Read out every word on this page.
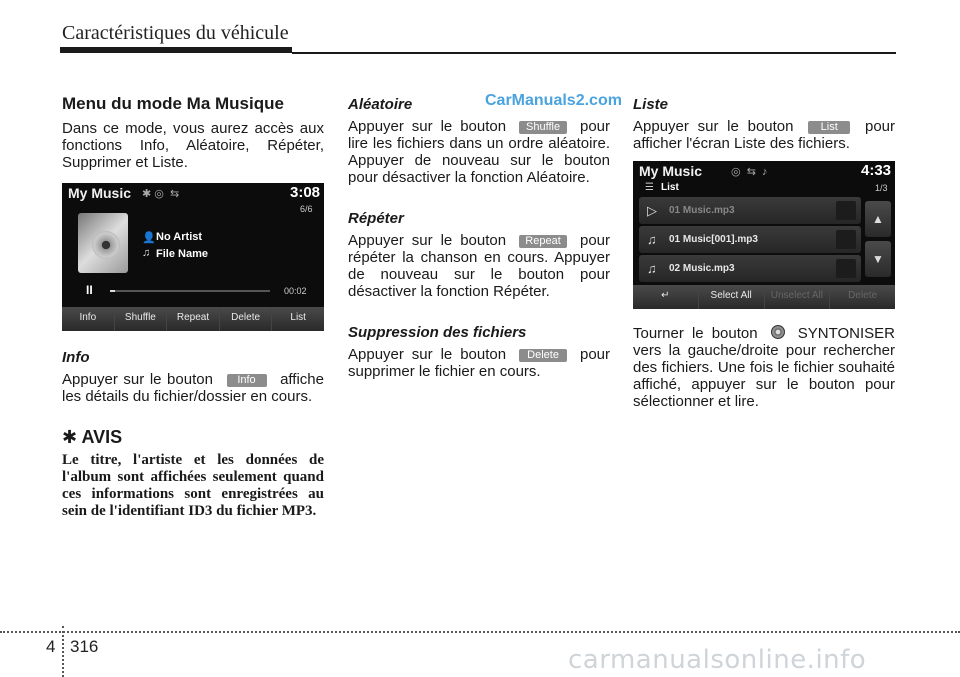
Caractéristiques du véhicule
CarManuals2.com
Menu du mode Ma Musique

Dans ce mode, vous aurez accès aux fonctions Info, Aléatoire, Répéter, Supprimer et Liste.

My Music ✱ ◎  ⇆	3:08
6/6
👤 No Artist
♫ File Name
II	00:02
Info	Shuffle	Repeat	Delete	List
Info

Appuyer sur le bouton Info affiche les détails du fichier/dossier en cours.

✱ AVIS

Le titre, l'artiste et les données de l'album sont affichées seulement quand ces informations sont enregistrées au sein de l'identifiant ID3 du fichier MP3.

Aléatoire

Appuyer sur le bouton Shuffle pour lire les fichiers dans un ordre aléatoire. Appuyer de nouveau sur le bouton pour désactiver la fonction Aléatoire.

Répéter

Appuyer sur le bouton Repeat pour répéter la chanson en cours. Appuyer de nouveau sur le bouton pour désactiver la fonction Répéter.

Suppression des fichiers

Appuyer sur le bouton Delete pour supprimer le fichier en cours.

Liste

Appuyer sur le bouton List pour afficher l'écran Liste des fichiers.

My Music	◎  ⇆  ♪	4:33
☰ List	1/3
▷ 01 Music.mp3
♫ 01 Music[001].mp3
♫ 02 Music.mp3
▲
▼
↵	Select All	Unselect All	Delete

Tourner le bouton	SYNTONISER vers la gauche/droite pour rechercher des fichiers. Une fois le fichier souhaité affiché, appuyer sur le bouton pour sélectionner et lire.

4 316	carmanualsonline.info
